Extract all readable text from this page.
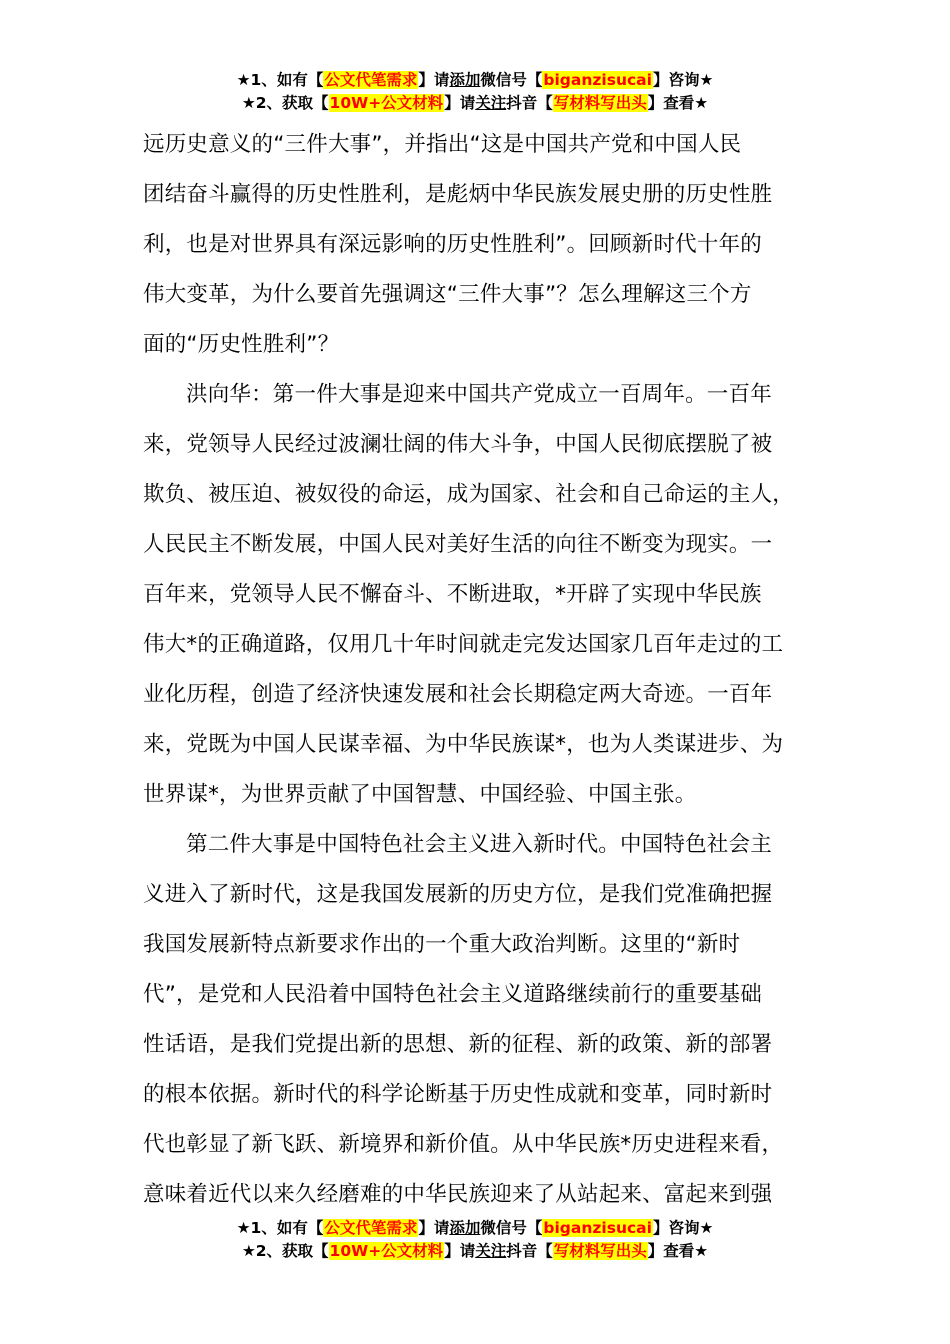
★1、如有【公文代笔需求】请添加微信号【biganzisucai】咨询★
★2、获取【10W+公文材料】请关注抖音【写材料写出头】查看★

远历史意义的“三件大事”，并指出“这是中国共产党和中国人民
团结奋斗赢得的历史性胜利，是彪炳中华民族发展史册的历史性胜
利，也是对世界具有深远影响的历史性胜利”。回顾新时代十年的
伟大变革，为什么要首先强调这“三件大事”？怎么理解这三个方
面的“历史性胜利”？

洪向华：第一件大事是迎来中国共产党成立一百周年。一百年
来，党领导人民经过波澜壮阔的伟大斗争，中国人民彻底摆脱了被
欺负、被压迫、被奴役的命运，成为国家、社会和自己命运的主人，
人民民主不断发展，中国人民对美好生活的向往不断变为现实。一
百年来，党领导人民不懈奋斗、不断进取，*开辟了实现中华民族
伟大*的正确道路，仅用几十年时间就走完发达国家几百年走过的工
业化历程，创造了经济快速发展和社会长期稳定两大奇迹。一百年
来，党既为中国人民谋幸福、为中华民族谋*，也为人类谋进步、为
世界谋*，为世界贡献了中国智慧、中国经验、中国主张。

第二件大事是中国特色社会主义进入新时代。中国特色社会主
义进入了新时代，这是我国发展新的历史方位，是我们党准确把握
我国发展新特点新要求作出的一个重大政治判断。这里的“新时
代”，是党和人民沿着中国特色社会主义道路继续前行的重要基础
性话语，是我们党提出新的思想、新的征程、新的政策、新的部署
的根本依据。新时代的科学论断基于历史性成就和变革，同时新时
代也彰显了新飞跃、新境界和新价值。从中华民族*历史进程来看，
意味着近代以来久经磨难的中华民族迎来了从站起来、富起来到强

★1、如有【公文代笔需求】请添加微信号【biganzisucai】咨询★
★2、获取【10W+公文材料】请关注抖音【写材料写出头】查看★
